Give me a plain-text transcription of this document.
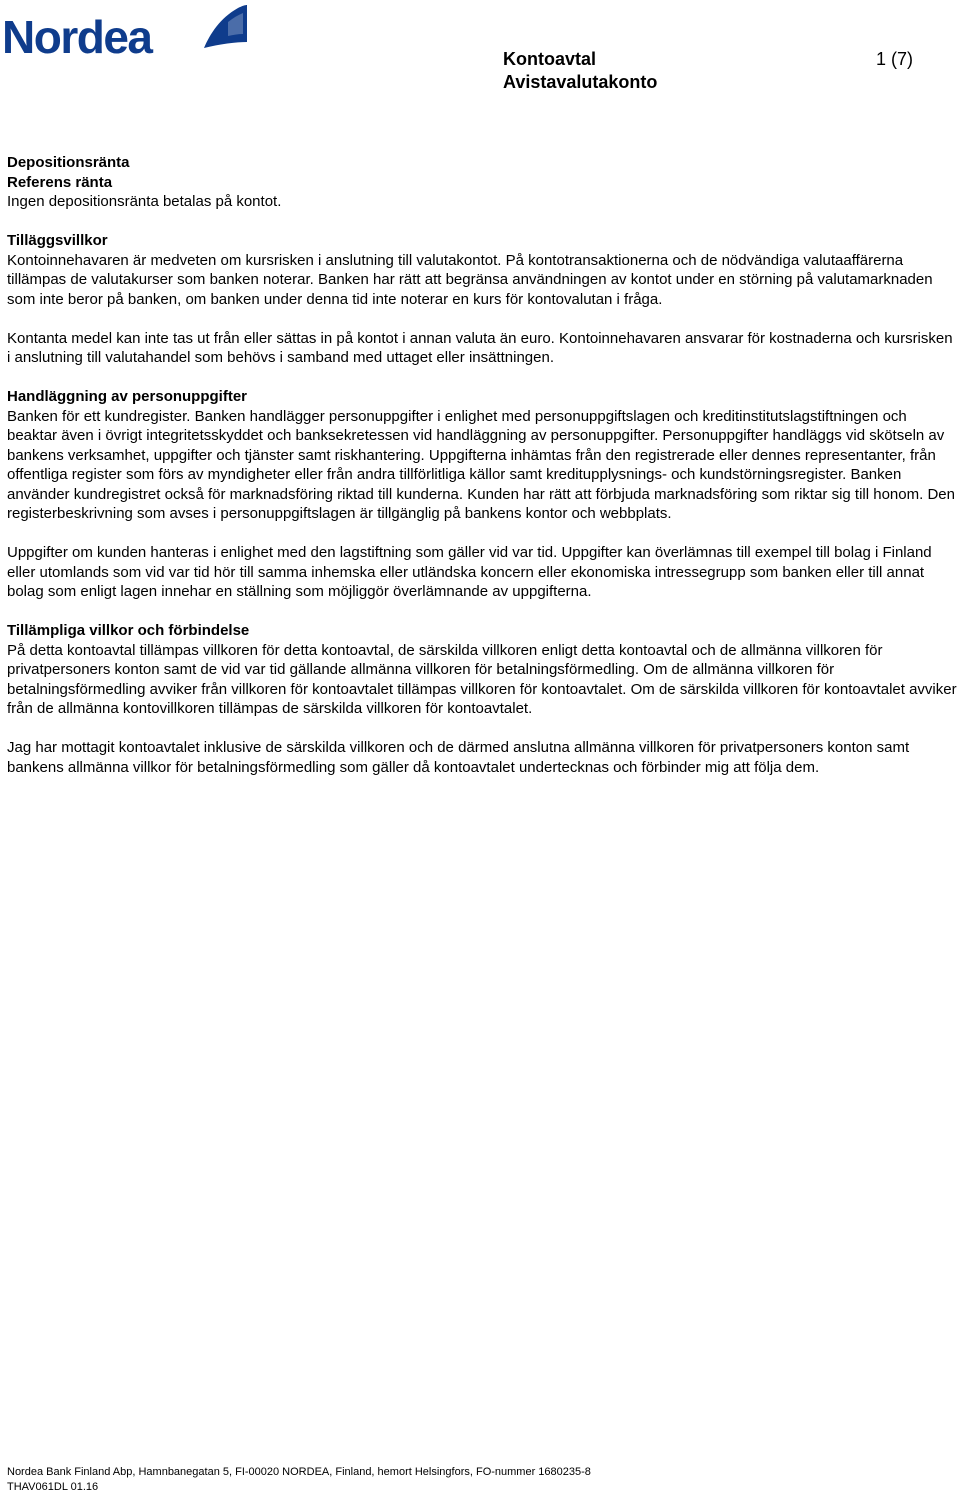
Nordea	Kontoavtal
Avistavalutakonto
1 (7)

Depositionsränta

Referens ränta

Ingen depositionsränta betalas på kontot.

Tilläggsvillkor

Kontoinnehavaren är medveten om kursrisken i anslutning till valutakontot. På kontotransaktionerna och de nödvändiga valutaaffärerna tillämpas de valutakurser som banken noterar. Banken har rätt att begränsa användningen av kontot under en störning på valutamarknaden som inte beror på banken, om banken under denna tid inte noterar en kurs för kontovalutan i fråga.

Kontanta medel kan inte tas ut från eller sättas in på kontot i annan valuta än euro. Kontoinnehavaren ansvarar för kostnaderna och kursrisken i anslutning till valutahandel som behövs i samband med uttaget eller insättningen.

Handläggning av personuppgifter

Banken för ett kundregister. Banken handlägger personuppgifter i enlighet med personuppgiftslagen och kreditinstitutslagstiftningen och beaktar även i övrigt integritetsskyddet och banksekretessen vid handläggning av personuppgifter. Personuppgifter handläggs vid skötseln av bankens verksamhet, uppgifter och tjänster samt riskhantering. Uppgifterna inhämtas från den registrerade eller dennes representanter, från offentliga register som förs av myndigheter eller från andra tillförlitliga källor samt kreditupplysnings- och kundstörningsregister. Banken använder kundregistret också för marknadsföring riktad till kunderna. Kunden har rätt att förbjuda marknadsföring som riktar sig till honom. Den registerbeskrivning som avses i personuppgiftslagen är tillgänglig på bankens kontor och webbplats.

Uppgifter om kunden hanteras i enlighet med den lagstiftning som gäller vid var tid. Uppgifter kan överlämnas till exempel till bolag i Finland eller utomlands som vid var tid hör till samma inhemska eller utländska koncern eller ekonomiska intressegrupp som banken eller till annat bolag som enligt lagen innehar en ställning som möjliggör överlämnande av uppgifterna.

Tillämpliga villkor och förbindelse

På detta kontoavtal tillämpas villkoren för detta kontoavtal, de särskilda villkoren enligt detta kontoavtal och de allmänna villkoren för privatpersoners konton samt de vid var tid gällande allmänna villkoren för betalningsförmedling. Om de allmänna villkoren för betalningsförmedling avviker från villkoren för kontoavtalet tillämpas villkoren för kontoavtalet. Om de särskilda villkoren för kontoavtalet avviker från de allmänna kontovillkoren tillämpas de särskilda villkoren för kontoavtalet.

Jag har mottagit kontoavtalet inklusive de särskilda villkoren och de därmed anslutna allmänna villkoren för privatpersoners konton samt bankens allmänna villkor för betalningsförmedling som gäller då kontoavtalet undertecknas och förbinder mig att följa dem.

Nordea Bank Finland Abp, Hamnbanegatan 5, FI-00020 NORDEA, Finland, hemort Helsingfors, FO-nummer 1680235-8
THAV061DL 01.16
